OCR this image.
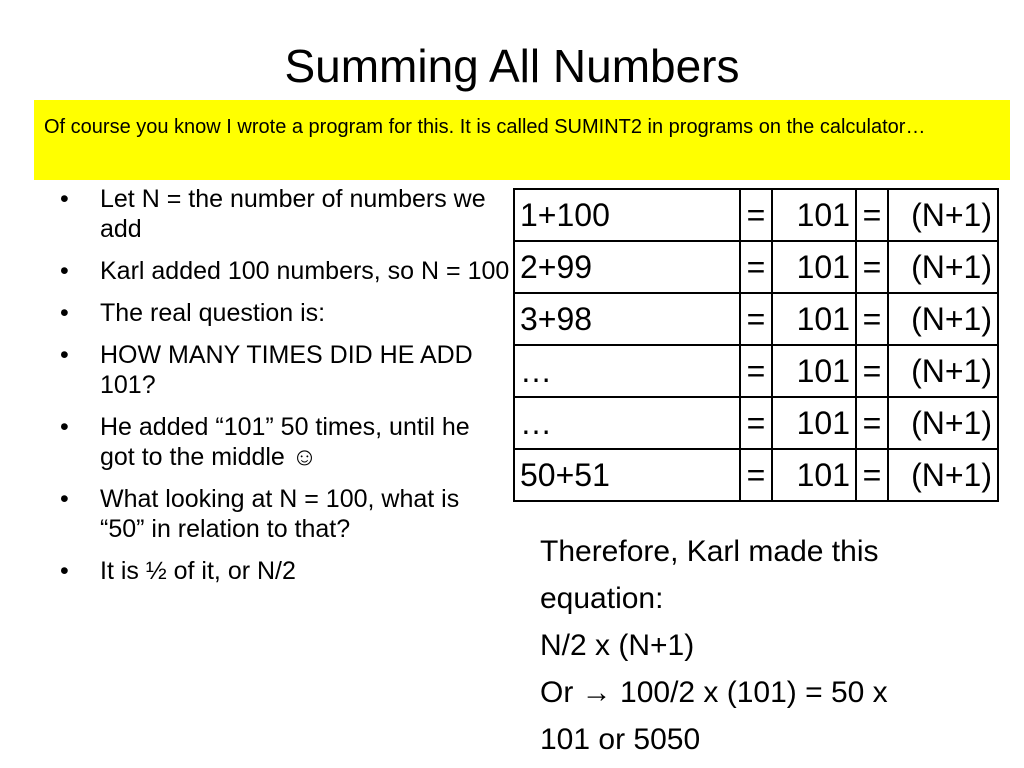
Summing All Numbers
Of course you know I wrote a program for this. It is called SUMINT2 in programs on the calculator…
• Let N = the number of numbers we add
• Karl added 100 numbers, so N = 100
• The real question is:
• HOW MANY TIMES DID HE ADD 101?
• He added “101” 50 times, until he got to the middle ☺
• What looking at N = 100, what is “50” in relation to that?
• It is ½ of it, or N/2
1+100	=	101	=	(N+1)
2+99	=	101	=	(N+1)
3+98	=	101	=	(N+1)
…	=	101	=	(N+1)
…	=	101	=	(N+1)
50+51	=	101	=	(N+1)
Therefore, Karl made this
equation:
N/2 x (N+1)
Or → 100/2 x (101) = 50 x
101 or 5050
